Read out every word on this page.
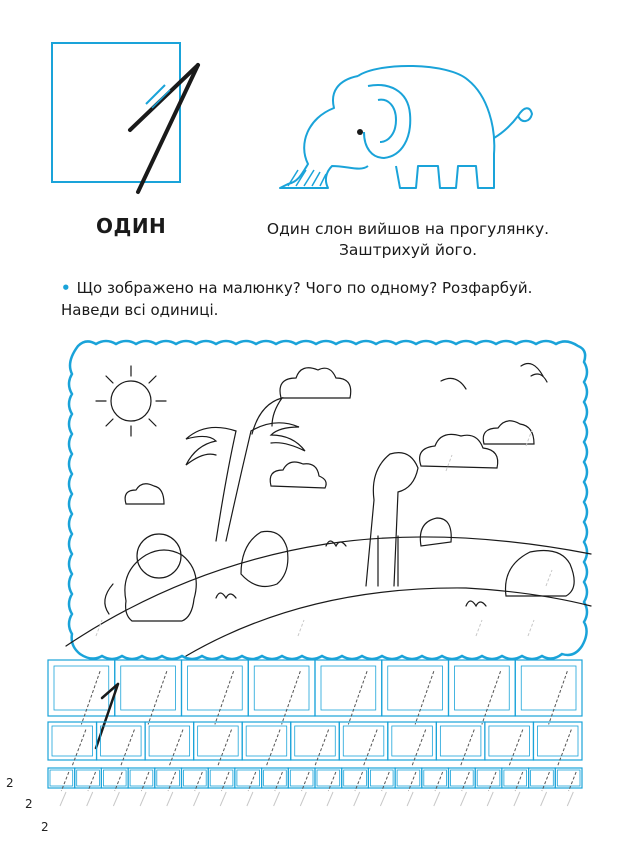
ОДИН	Один слон вийшов на прогулянку.
Заштрихуй його.
• Що зображено на малюнку? Чого по одному? Розфарбуй. Наведи всі одиниці.
2
2
2
